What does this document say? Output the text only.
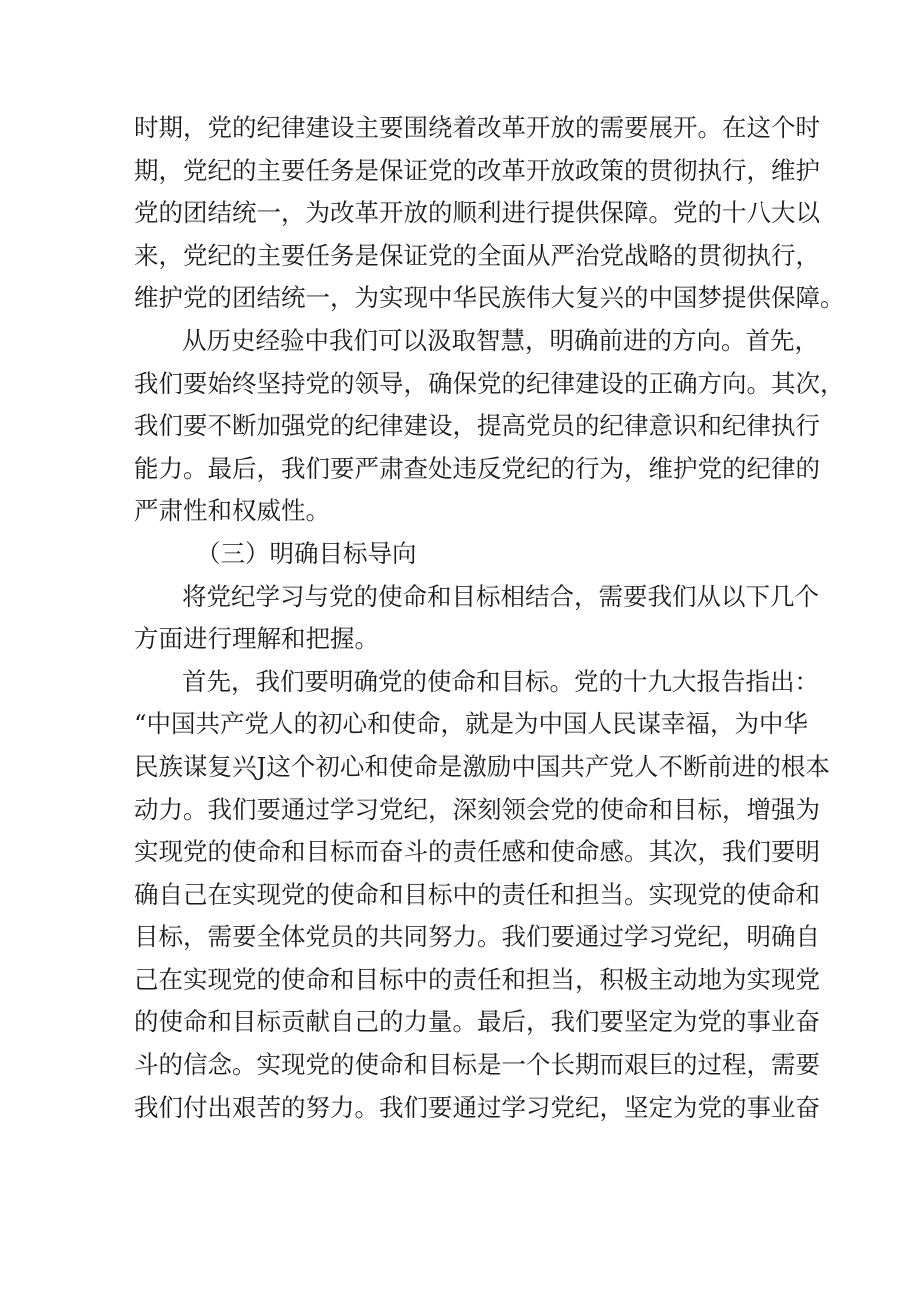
时期，党的纪律建设主要围绕着改革开放的需要展开。在这个时
期，党纪的主要任务是保证党的改革开放政策的贯彻执行，维护
党的团结统一，为改革开放的顺利进行提供保障。党的十八大以
来，党纪的主要任务是保证党的全面从严治党战略的贯彻执行，
维护党的团结统一，为实现中华民族伟大复兴的中国梦提供保障。
从历史经验中我们可以汲取智慧，明确前进的方向。首先，
我们要始终坚持党的领导，确保党的纪律建设的正确方向。其次，
我们要不断加强党的纪律建设，提高党员的纪律意识和纪律执行
能力。最后，我们要严肃查处违反党纪的行为，维护党的纪律的
严肃性和权威性。
（三）明确目标导向
将党纪学习与党的使命和目标相结合，需要我们从以下几个
方面进行理解和把握。
首先，我们要明确党的使命和目标。党的十九大报告指出：
“中国共产党人的初心和使命，就是为中国人民谋幸福，为中华
民族谋复兴J这个初心和使命是激励中国共产党人不断前进的根本
动力。我们要通过学习党纪，深刻领会党的使命和目标，增强为
实现党的使命和目标而奋斗的责任感和使命感。其次，我们要明
确自己在实现党的使命和目标中的责任和担当。实现党的使命和
目标，需要全体党员的共同努力。我们要通过学习党纪，明确自
己在实现党的使命和目标中的责任和担当，积极主动地为实现党
的使命和目标贡献自己的力量。最后，我们要坚定为党的事业奋
斗的信念。实现党的使命和目标是一个长期而艰巨的过程，需要
我们付出艰苦的努力。我们要通过学习党纪，坚定为党的事业奋
